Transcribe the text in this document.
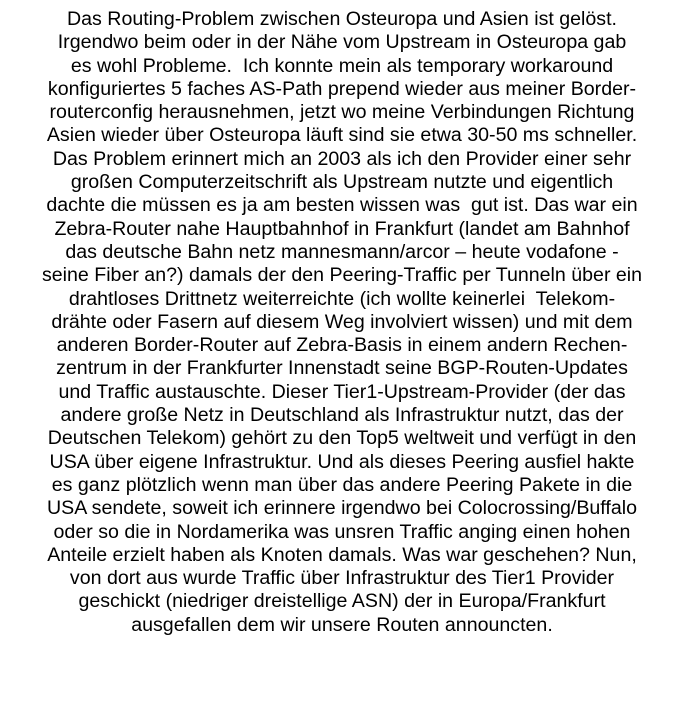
Das Routing-Problem zwischen Osteuropa und Asien ist gelöst.
Irgendwo beim oder in der Nähe vom Upstream in Osteuropa gab
es wohl Probleme.  Ich konnte mein als temporary workaround
konfiguriertes 5 faches AS-Path prepend wieder aus meiner Border-
routerconfig herausnehmen, jetzt wo meine Verbindungen Richtung
Asien wieder über Osteuropa läuft sind sie etwa 30-50 ms schneller.
Das Problem erinnert mich an 2003 als ich den Provider einer sehr
großen Computerzeitschrift als Upstream nutzte und eigentlich
dachte die müssen es ja am besten wissen was  gut ist. Das war ein
Zebra-Router nahe Hauptbahnhof in Frankfurt (landet am Bahnhof
das deutsche Bahn netz mannesmann/arcor – heute vodafone -
seine Fiber an?) damals der den Peering-Traffic per Tunneln über ein
drahtloses Drittnetz weiterreichte (ich wollte keinerlei  Telekom-
drähte oder Fasern auf diesem Weg involviert wissen) und mit dem
anderen Border-Router auf Zebra-Basis in einem andern Rechen-
zentrum in der Frankfurter Innenstadt seine BGP-Routen-Updates
und Traffic austauschte. Dieser Tier1-Upstream-Provider (der das
andere große Netz in Deutschland als Infrastruktur nutzt, das der
Deutschen Telekom) gehört zu den Top5 weltweit und verfügt in den
USA über eigene Infrastruktur. Und als dieses Peering ausfiel hakte
es ganz plötzlich wenn man über das andere Peering Pakete in die
USA sendete, soweit ich erinnere irgendwo bei Colocrossing/Buffalo
oder so die in Nordamerika was unsren Traffic anging einen hohen
Anteile erzielt haben als Knoten damals. Was war geschehen? Nun,
von dort aus wurde Traffic über Infrastruktur des Tier1 Provider
geschickt (niedriger dreistellige ASN) der in Europa/Frankfurt
ausgefallen dem wir unsere Routen announcten.
